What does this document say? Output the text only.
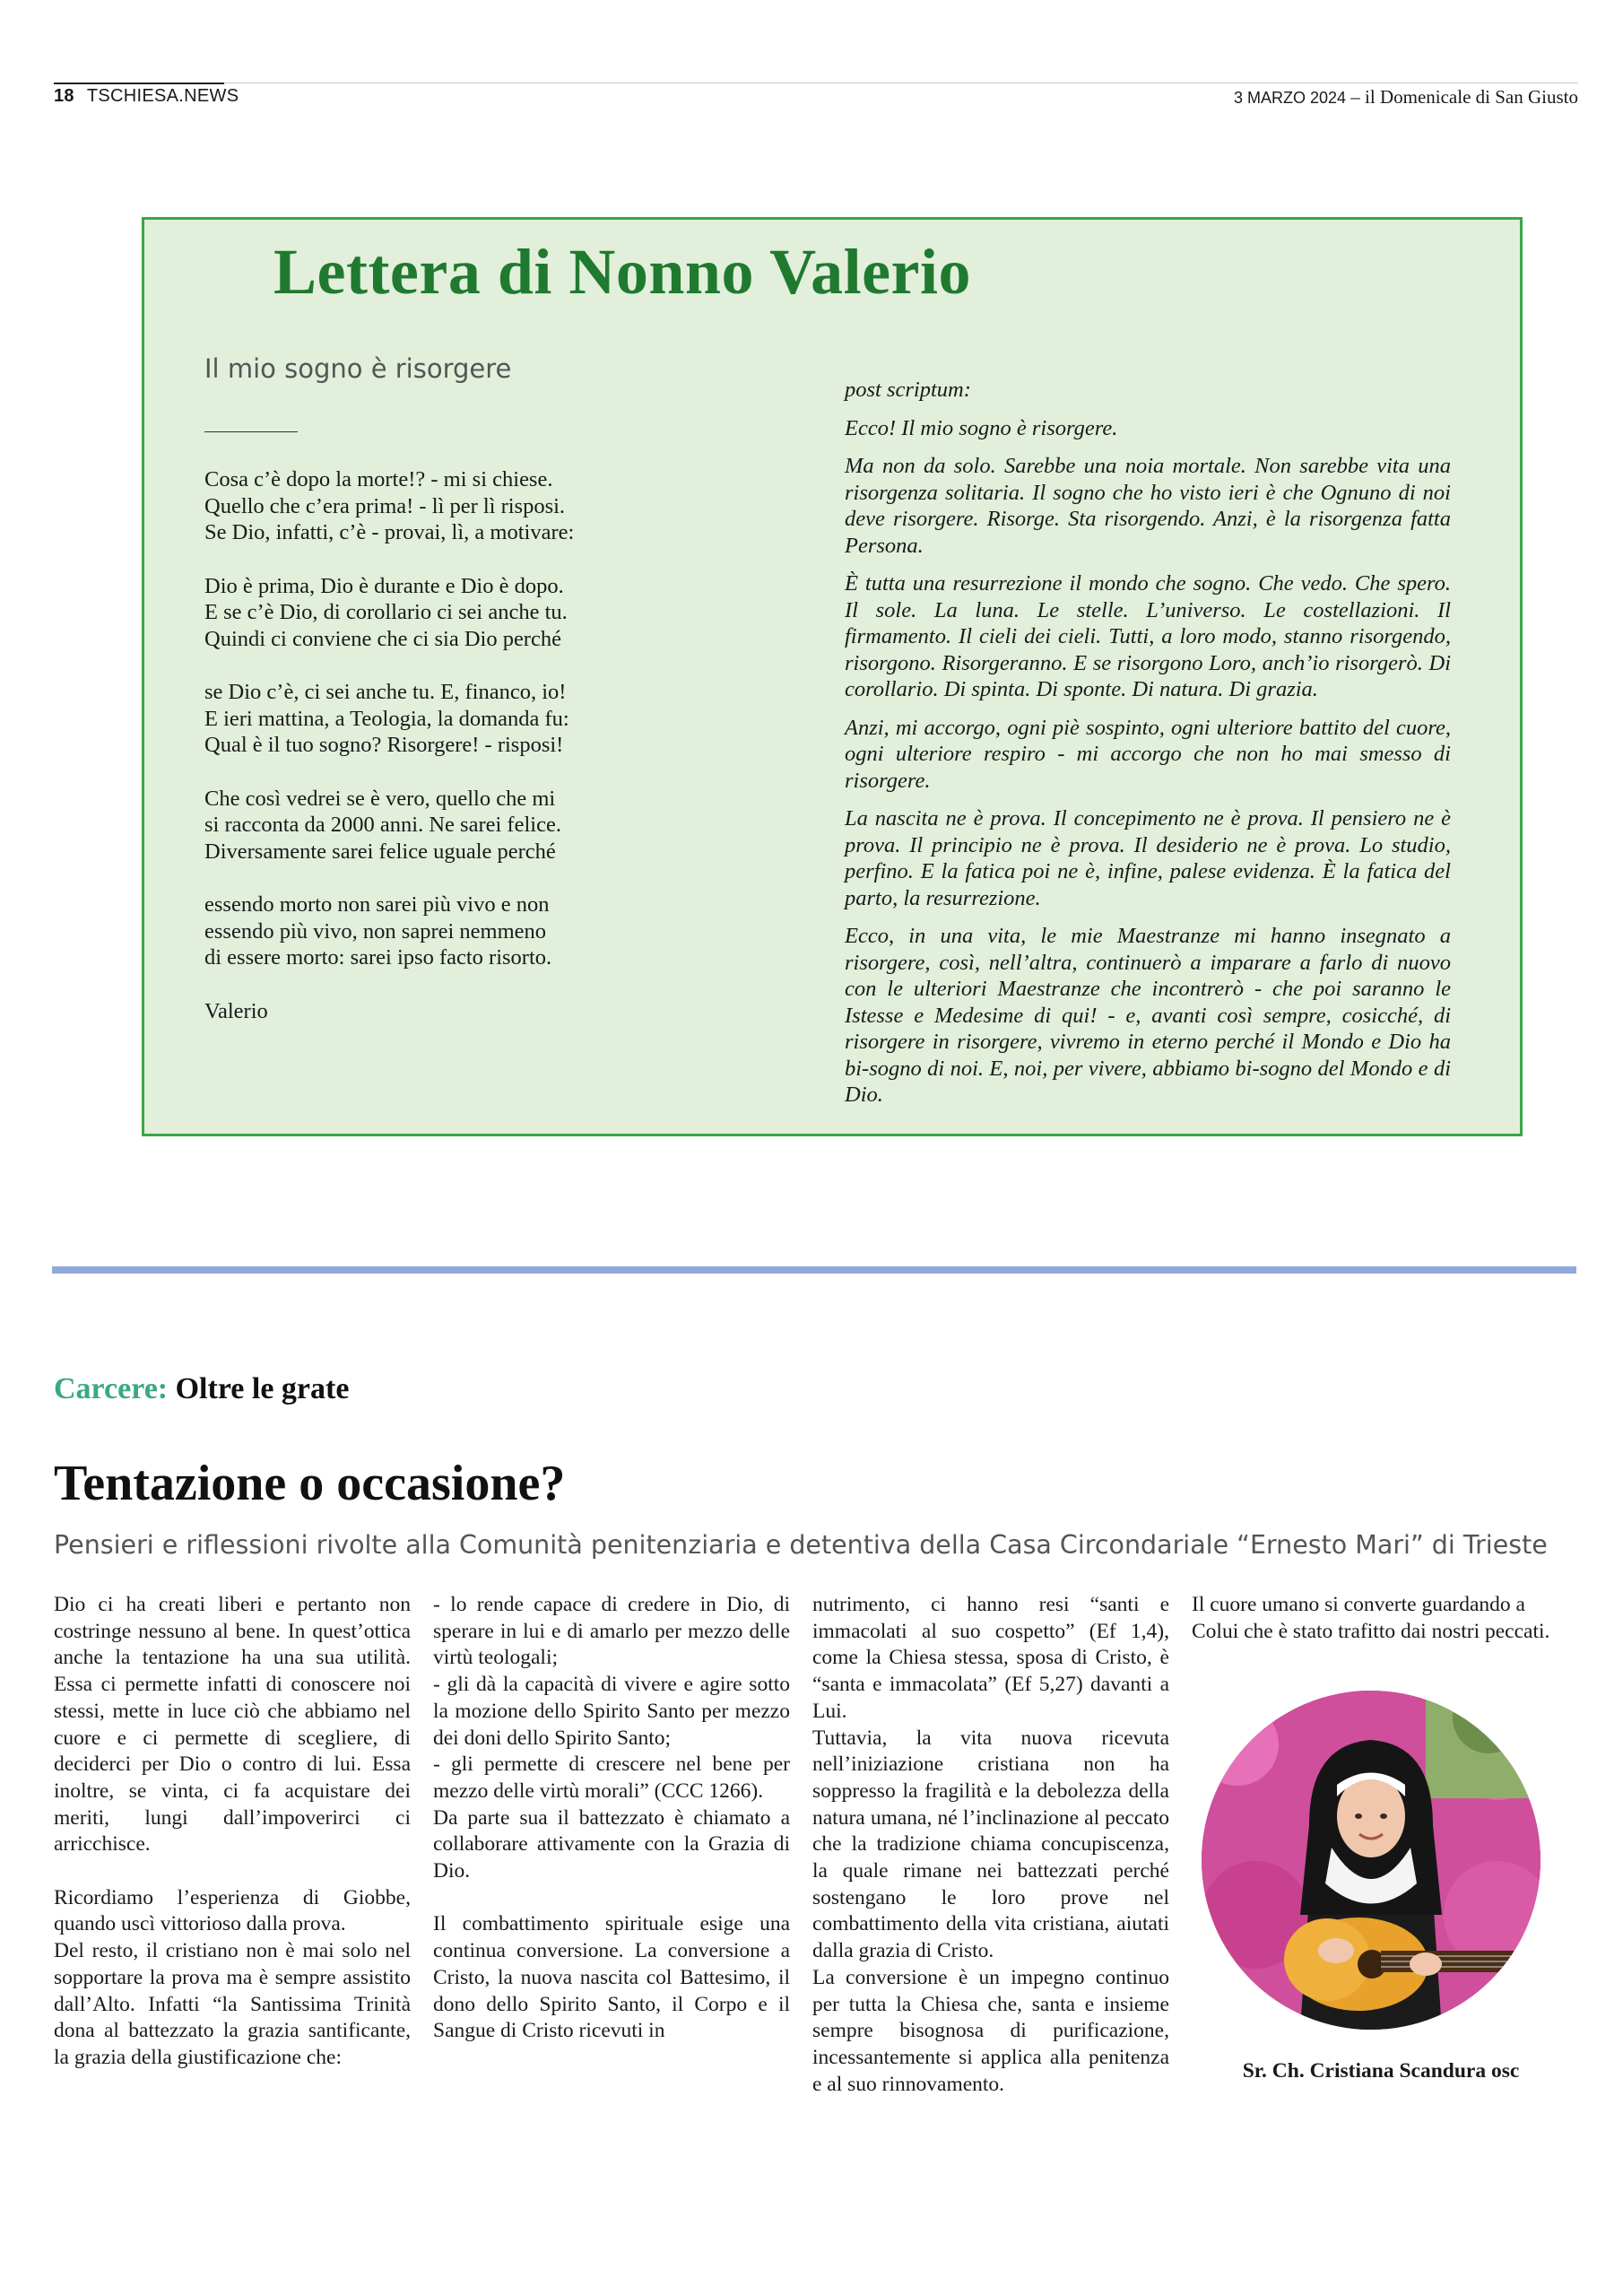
18 TSCHIESA.NEWS	3 MARZO 2024 – il Domenicale di San Giusto
Lettera di Nonno Valerio
Il mio sogno è risorgere
Cosa c’è dopo la morte!? - mi si chiese.
Quello che c’era prima! - lì per lì risposi.
Se Dio, infatti, c’è - provai, lì, a motivare:
Dio è prima, Dio è durante e Dio è dopo.
E se c’è Dio, di corollario ci sei anche tu.
Quindi ci conviene che ci sia Dio perché
se Dio c’è, ci sei anche tu. E, financo, io!
E ieri mattina, a Teologia, la domanda fu:
Qual è il tuo sogno? Risorgere! - risposi!
Che così vedrei se è vero, quello che mi
si racconta da 2000 anni. Ne sarei felice.
Diversamente sarei felice uguale perché
essendo morto non sarei più vivo e non
essendo più vivo, non saprei nemmeno
di essere morto: sarei ipso facto risorto.
Valerio
post scriptum:

Ecco! Il mio sogno è risorgere.

Ma non da solo. Sarebbe una noia mortale. Non sarebbe vita una risorgenza solitaria. Il sogno che ho visto ieri è che Ognuno di noi deve risorgere. Risorge. Sta risorgendo. Anzi, è la risorgenza fatta Persona.

È tutta una resurrezione il mondo che sogno. Che vedo. Che spero. Il sole. La luna. Le stelle. L’universo. Le costellazioni. Il firmamento. Il cieli dei cieli. Tutti, a loro modo, stanno risorgendo, risorgono. Risorgeranno. E se risorgono Loro, anch’io risorgerò. Di corollario. Di spinta. Di sponte. Di natura. Di grazia.

Anzi, mi accorgo, ogni piè sospinto, ogni ulteriore battito del cuore, ogni ulteriore respiro - mi accorgo che non ho mai smesso di risorgere.

La nascita ne è prova. Il concepimento ne è prova. Il pensiero ne è prova. Il principio ne è prova. Il desiderio ne è prova. Lo studio, perfino. E la fatica poi ne è, infine, palese evidenza. È la fatica del parto, la resurrezione.

Ecco, in una vita, le mie Maestranze mi hanno insegnato a risorgere, così, nell’altra, continuerò a imparare a farlo di nuovo con le ulteriori Maestranze che incontrerò - che poi saranno le Istesse e Medesime di qui! - e, avanti così sempre, cosicché, di risorgere in risorgere, vivremo in eterno perché il Mondo e Dio ha bi-sogno di noi. E, noi, per vivere, abbiamo bi-sogno del Mondo e di Dio.

Carcere: Oltre le grate
Tentazione o occasione?
Pensieri e riflessioni rivolte alla Comunità penitenziaria e detentiva della Casa Circondariale “Ernesto Mari” di Trieste

Dio ci ha creati liberi e pertanto non costringe nessuno al bene. In quest’ottica anche la tentazione ha una sua utilità. Essa ci permette infatti di conoscere noi stessi, mette in luce ciò che abbiamo nel cuore e ci permette di scegliere, di deciderci per Dio o contro di lui. Essa inoltre, se vinta, ci fa acquistare dei meriti, lungi dall’impoverirci ci arricchisce.

Ricordiamo l’esperienza di Giobbe, quando uscì vittorioso dalla prova.

Del resto, il cristiano non è mai solo nel sopportare la prova ma è sempre assistito dall’Alto. Infatti “la Santissima Trinità dona al battezzato la grazia santificante, la grazia della giustificazione che:

- lo rende capace di credere in Dio, di sperare in lui e di amarlo per mezzo delle virtù teologali;

- gli dà la capacità di vivere e agire sotto la mozione dello Spirito Santo per mezzo dei doni dello Spirito Santo;

- gli permette di crescere nel bene per mezzo delle virtù morali” (CCC 1266).

Da parte sua il battezzato è chiamato a collaborare attivamente con la Grazia di Dio.

Il combattimento spirituale esige una continua conversione. La conversione a Cristo, la nuova nascita col Battesimo, il dono dello Spirito Santo, il Corpo e il Sangue di Cristo ricevuti in

nutrimento, ci hanno resi “santi e immacolati al suo cospetto” (Ef 1,4), come la Chiesa stessa, sposa di Cristo, è “santa e immacolata” (Ef 5,27) davanti a Lui.

Tuttavia, la vita nuova ricevuta nell’iniziazione cristiana non ha soppresso la fragilità e la debolezza della natura umana, né l’inclinazione al peccato che la tradizione chiama concupiscenza, la quale rimane nei battezzati perché sostengano le loro prove nel combattimento della vita cristiana, aiutati dalla grazia di Cristo.

La conversione è un impegno continuo per tutta la Chiesa che, santa e insieme sempre bisognosa di purificazione, incessantemente si applica alla penitenza e al suo rinnovamento.

Il cuore umano si converte guardando a Colui che è stato trafitto dai nostri peccati.

Sr. Ch. Cristiana Scandura osc
